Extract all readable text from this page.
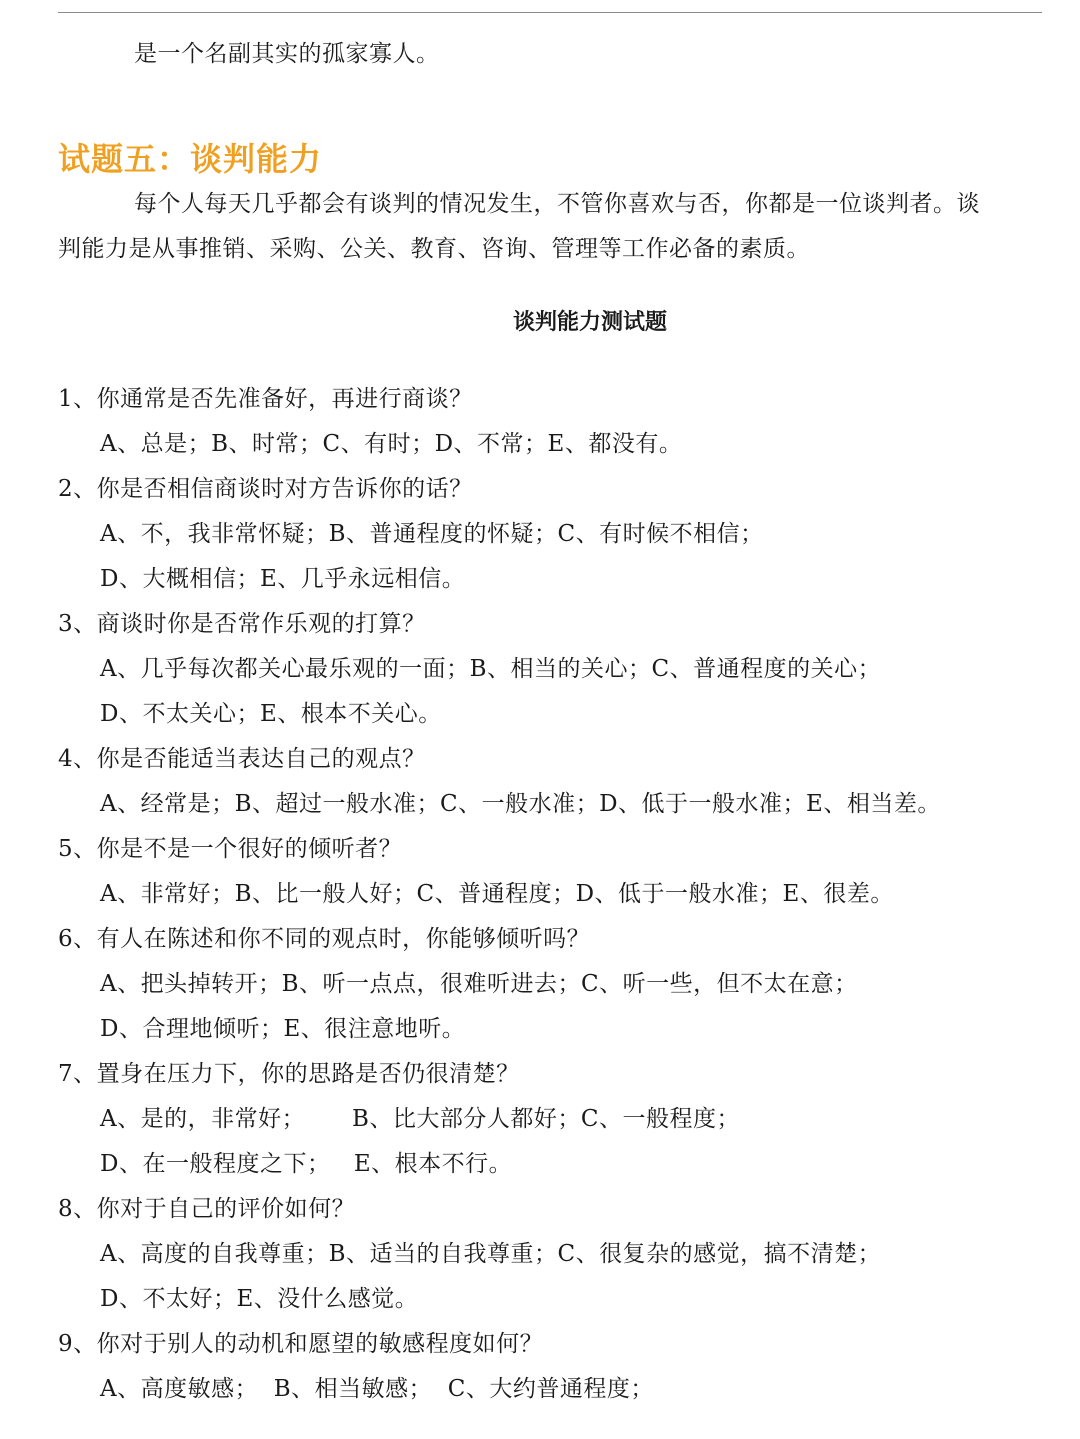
是一个名副其实的孤家寡人。
试题五：谈判能力
每个人每天几乎都会有谈判的情况发生，不管你喜欢与否，你都是一位谈判者。谈
判能力是从事推销、采购、公关、教育、咨询、管理等工作必备的素质。
谈判能力测试题
1、你通常是否先准备好，再进行商谈？
A、总是；B、时常；C、有时；D、不常；E、都没有。
2、你是否相信商谈时对方告诉你的话？
A、不，我非常怀疑；B、普通程度的怀疑；C、有时候不相信；
D、大概相信；E、几乎永远相信。
3、商谈时你是否常作乐观的打算？
A、几乎每次都关心最乐观的一面；B、相当的关心；C、普通程度的关心；
D、不太关心；E、根本不关心。
4、你是否能适当表达自己的观点？
A、经常是；B、超过一般水准；C、一般水准；D、低于一般水准；E、相当差。
5、你是不是一个很好的倾听者？
A、非常好；B、比一般人好；C、普通程度；D、低于一般水准；E、很差。
6、有人在陈述和你不同的观点时，你能够倾听吗？
A、把头掉转开；B、听一点点，很难听进去；C、听一些，但不太在意；
D、合理地倾听；E、很注意地听。
7、置身在压力下，你的思路是否仍很清楚？
A、是的，非常好；      B、比大部分人都好；C、一般程度；
D、在一般程度之下；   E、根本不行。
8、你对于自己的评价如何？
A、高度的自我尊重；B、适当的自我尊重；C、很复杂的感觉，搞不清楚；
D、不太好；E、没什么感觉。
9、你对于别人的动机和愿望的敏感程度如何？
A、高度敏感；  B、相当敏感；  C、大约普通程度；
